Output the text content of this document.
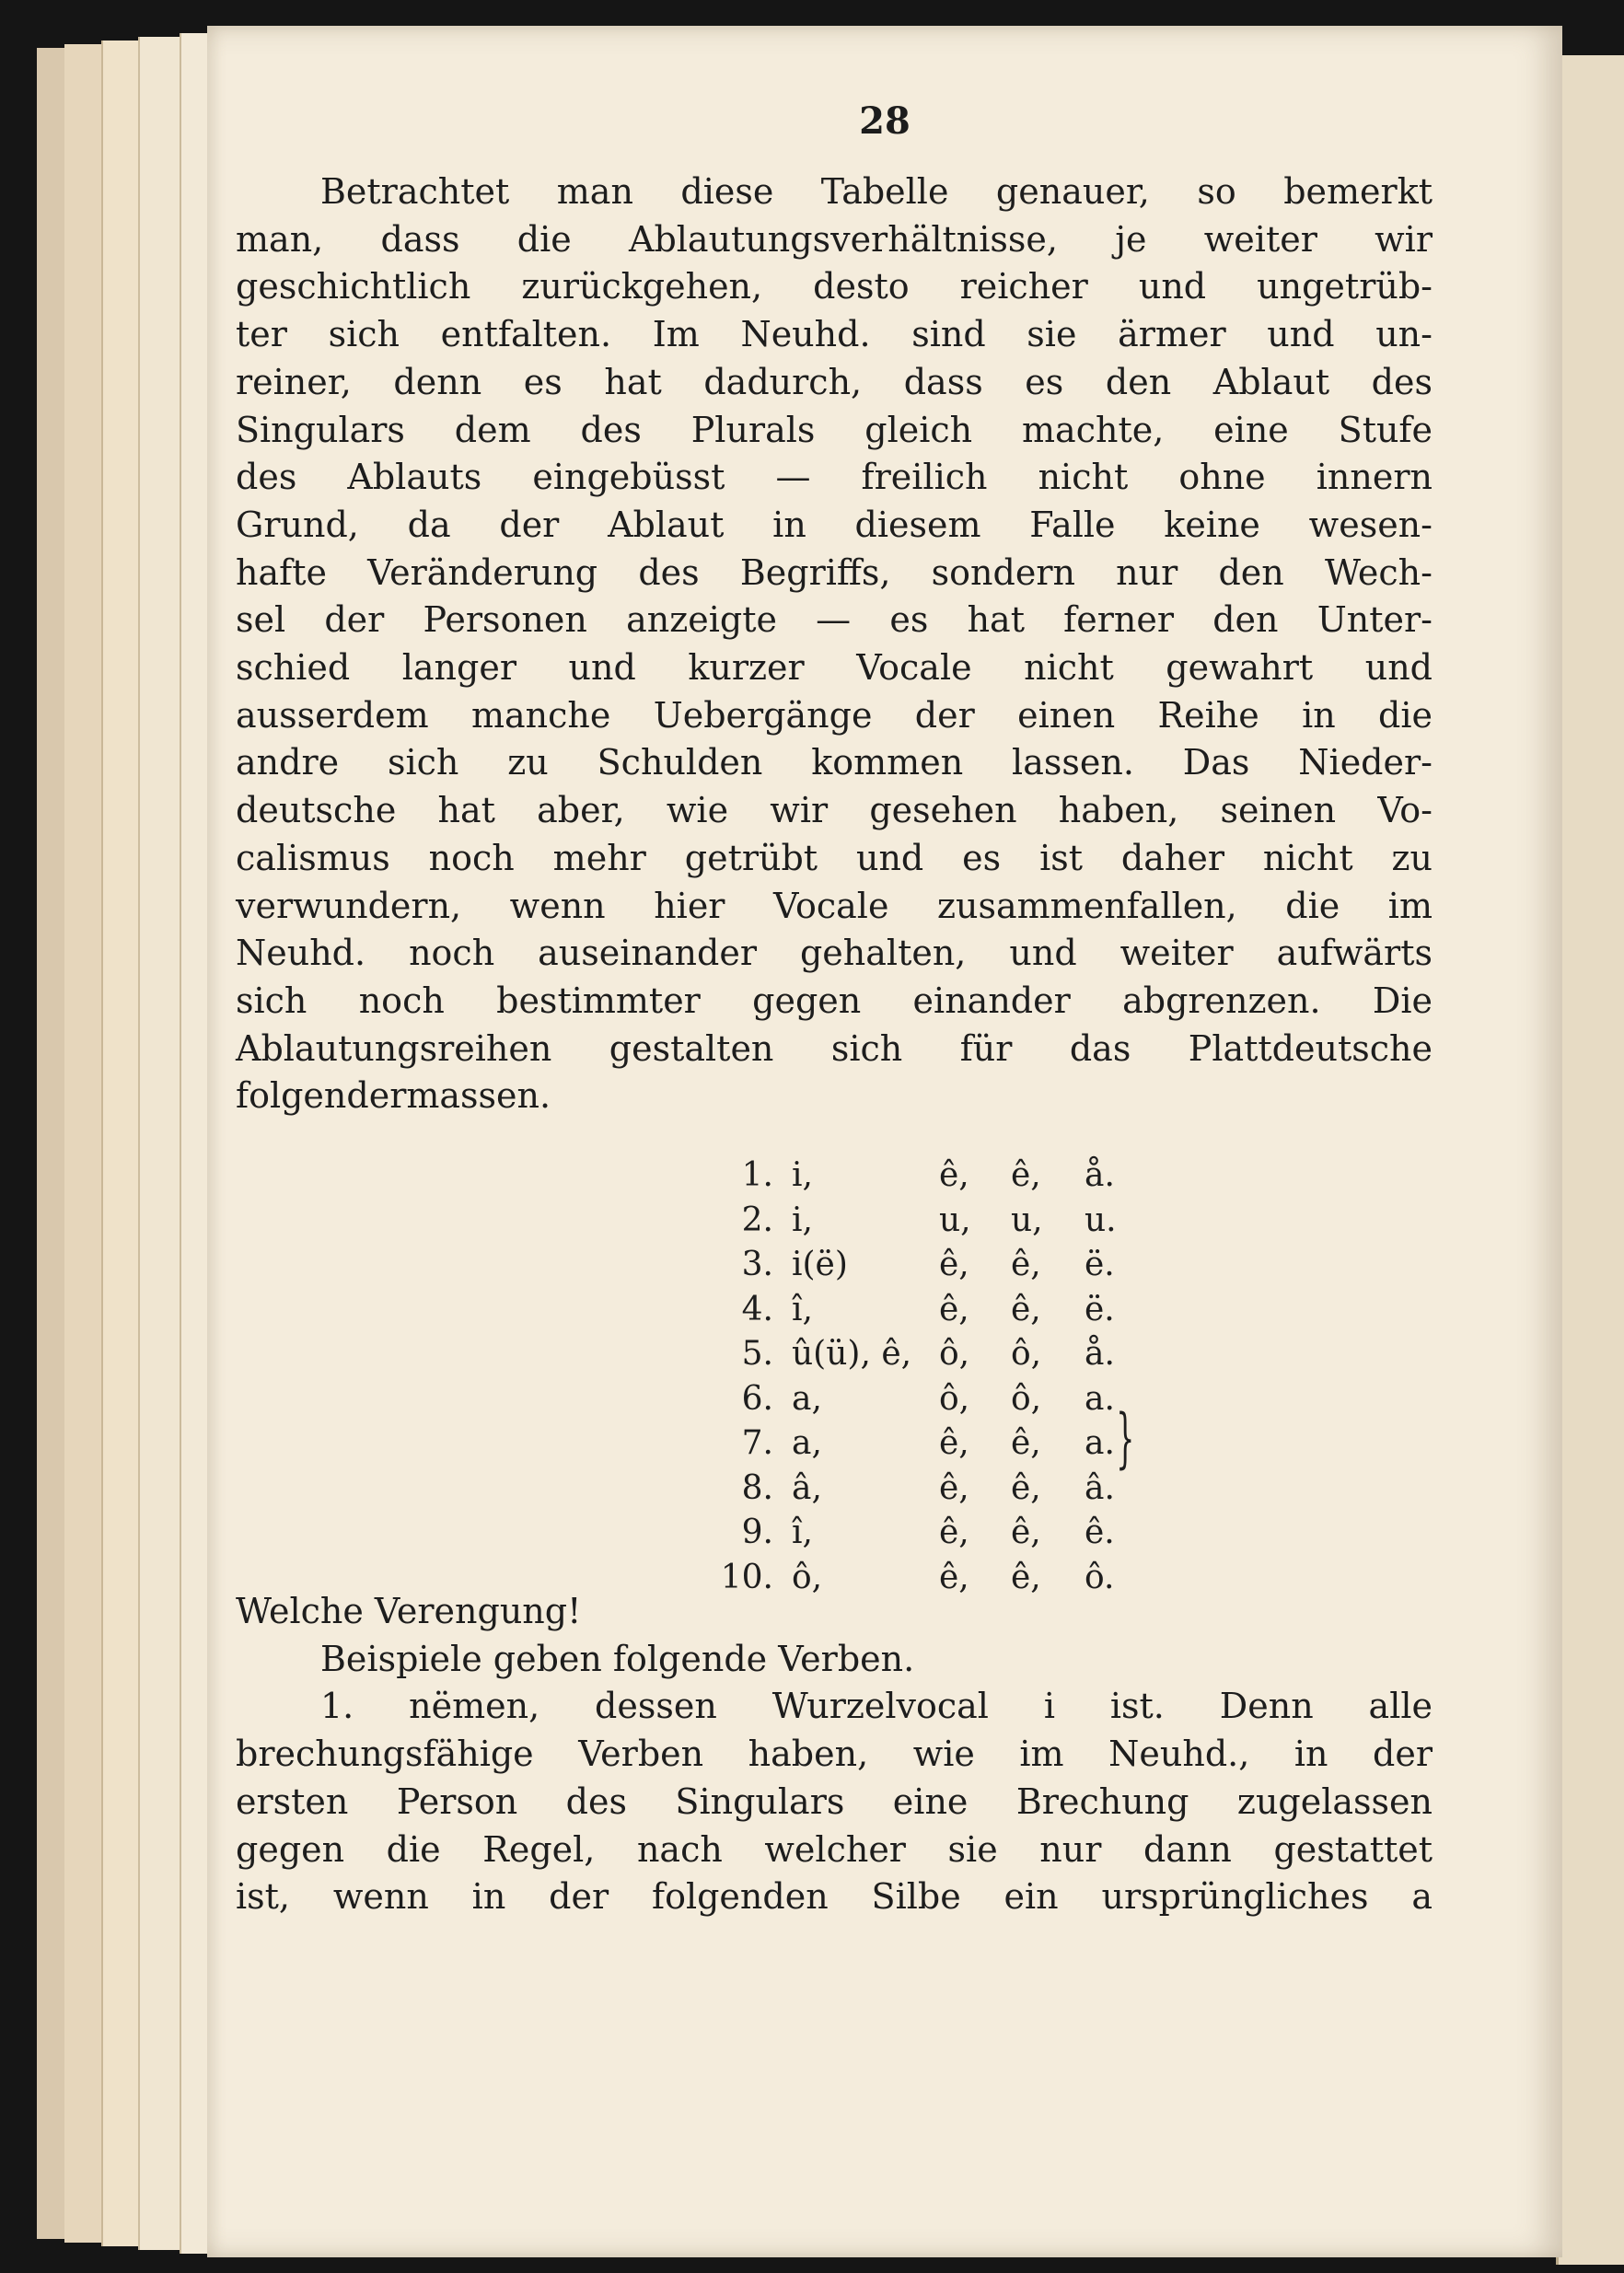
28

Betrachtet man diese Tabelle genauer, so bemerkt

man, dass die Ablautungsverhältnisse, je weiter wir

geschichtlich zurückgehen, desto reicher und ungetrüb-

ter sich entfalten. Im Neuhd. sind sie ärmer und un-

reiner, denn es hat dadurch, dass es den Ablaut des

Singulars dem des Plurals gleich machte, eine Stufe

des Ablauts eingebüsst — freilich nicht ohne innern

Grund, da der Ablaut in diesem Falle keine wesen-

hafte Veränderung des Begriffs, sondern nur den Wech-

sel der Personen anzeigte — es hat ferner den Unter-

schied langer und kurzer Vocale nicht gewahrt und

ausserdem manche Uebergänge der einen Reihe in die

andre sich zu Schulden kommen lassen. Das Nieder-

deutsche hat aber, wie wir gesehen haben, seinen Vo-

calismus noch mehr getrübt und es ist daher nicht zu

verwundern, wenn hier Vocale zusammenfallen, die im

Neuhd. noch auseinander gehalten, und weiter aufwärts

sich noch bestimmter gegen einander abgrenzen. Die

Ablautungsreihen gestalten sich für das Plattdeutsche

folgendermassen.

1.	i,	ê,	ê,	å.
2.	i,	u,	u,	u.
3.	i(ë)	ê,	ê,	ë.
4.	î,	ê,	ê,	ë.
5.	û(ü), ê,	ô,	ô,	å.
6.	a,	ô,	ô,	a.
7.	a,	ê,	ê,	a.
8.	â,	ê,	ê,	â.
9.	î,	ê,	ê,	ê.
10.	ô,	ê,	ê,	ô.
}

Welche Verengung!

Beispiele geben folgende Verben.

1. nëmen, dessen Wurzelvocal i ist. Denn alle

brechungsfähige Verben haben, wie im Neuhd., in der

ersten Person des Singulars eine Brechung zugelassen

gegen die Regel, nach welcher sie nur dann gestattet

ist, wenn in der folgenden Silbe ein ursprüngliches a
